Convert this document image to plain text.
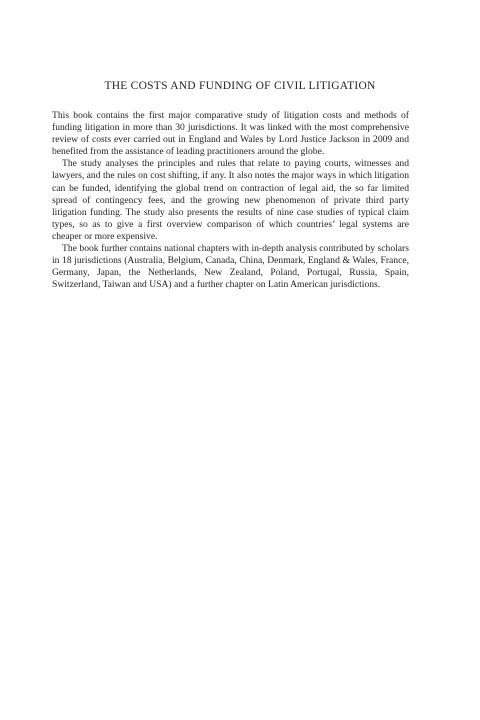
THE COSTS AND FUNDING OF CIVIL LITIGATION

This book contains the first major comparative study of litigation costs and methods of funding litigation in more than 30 jurisdictions. It was linked with the most comprehensive review of costs ever carried out in England and Wales by Lord Justice Jackson in 2009 and benefited from the assistance of leading practitioners around the globe.

The study analyses the principles and rules that relate to paying courts, witnesses and lawyers, and the rules on cost shifting, if any. It also notes the major ways in which litigation can be funded, identifying the global trend on contraction of legal aid, the so far limited spread of contingency fees, and the growing new phenomenon of private third party litigation funding. The study also presents the results of nine case studies of typical claim types, so as to give a first overview comparison of which countries’ legal systems are cheaper or more expensive.

The book further contains national chapters with in-depth analysis contributed by scholars in 18 jurisdictions (Australia, Belgium, Canada, China, Denmark, England & Wales, France, Germany, Japan, the Netherlands, New Zealand, Poland, Portugal, Russia, Spain, Switzerland, Taiwan and USA) and a further chapter on Latin American jurisdictions.
